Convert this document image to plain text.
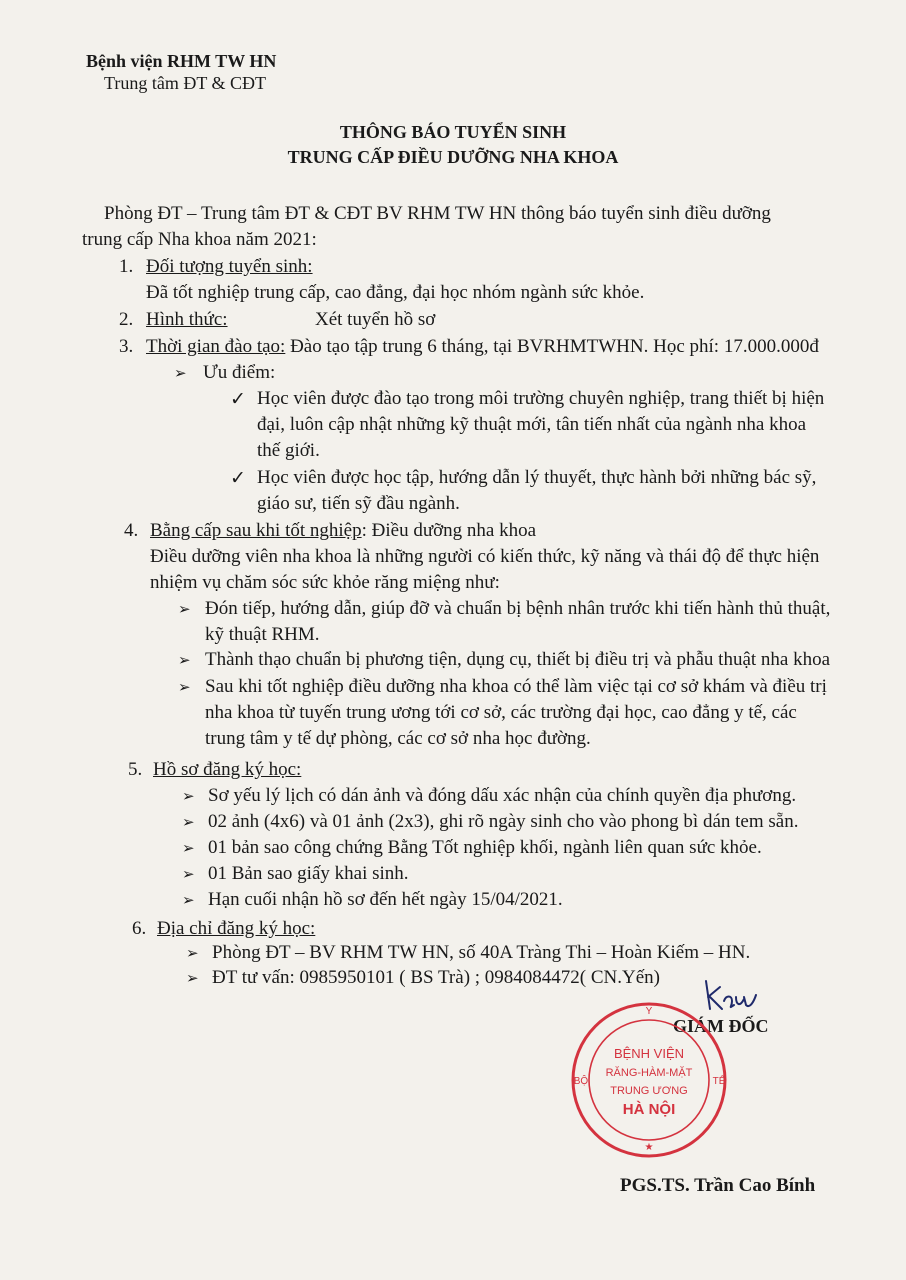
Bệnh viện RHM TW HN
Trung tâm ĐT & CĐT
THÔNG BÁO TUYỂN SINH
TRUNG CẤP ĐIỀU DƯỠNG NHA KHOA
Phòng ĐT – Trung tâm ĐT & CĐT BV RHM TW HN thông báo tuyển sinh điều dưỡng
trung cấp Nha khoa năm 2021:
1. Đối tượng tuyển sinh:
Đã tốt nghiệp trung cấp, cao đẳng, đại học nhóm ngành sức khỏe.
2. Hình thức:	Xét tuyển hồ sơ
3. Thời gian đào tạo: Đào tạo tập trung 6 tháng, tại BVRHMTWHN. Học phí: 17.000.000đ
➢ Ưu điểm:
✓ Học viên được đào tạo trong môi trường chuyên nghiệp, trang thiết bị hiện
đại, luôn cập nhật những kỹ thuật mới, tân tiến nhất của ngành nha khoa
thế giới.
✓ Học viên được học tập, hướng dẫn lý thuyết, thực hành bởi những bác sỹ,
giáo sư, tiến sỹ đầu ngành.
4. Bằng cấp sau khi tốt nghiệp: Điều dưỡng nha khoa
Điều dưỡng viên nha khoa là những người có kiến thức, kỹ năng và thái độ để thực hiện
nhiệm vụ chăm sóc sức khỏe răng miệng như:
➢ Đón tiếp, hướng dẫn, giúp đỡ và chuẩn bị bệnh nhân trước khi tiến hành thủ thuật,
kỹ thuật RHM.
➢ Thành thạo chuẩn bị phương tiện, dụng cụ, thiết bị điều trị và phẫu thuật nha khoa
➢ Sau khi tốt nghiệp điều dưỡng nha khoa có thể làm việc tại cơ sở khám và điều trị
nha khoa từ tuyến trung ương tới cơ sở, các trường đại học, cao đẳng y tế, các
trung tâm y tế dự phòng, các cơ sở nha học đường.
5. Hồ sơ đăng ký học:
➢ Sơ yếu lý lịch có dán ảnh và đóng dấu xác nhận của chính quyền địa phương.
➢ 02 ảnh (4x6) và 01 ảnh (2x3), ghi rõ ngày sinh cho vào phong bì dán tem sẵn.
➢ 01 bản sao công chứng Bằng Tốt nghiệp khối, ngành liên quan sức khỏe.
➢ 01 Bản sao giấy khai sinh.
➢ Hạn cuối nhận hồ sơ đến hết ngày 15/04/2021.
6. Địa chỉ đăng ký học:
➢ Phòng ĐT – BV RHM TW HN, số 40A Tràng Thi – Hoàn Kiếm – HN.
➢ ĐT tư vấn: 0985950101 ( BS Trà) ; 0984084472( CN.Yến)
GIÁM ĐỐC
PGS.TS. Trần Cao Bính
Y
BỘ	TẾ
BỆNH VIỆN
RĂNG-HÀM-MẶT
TRUNG ƯƠNG
HÀ NỘI
★
